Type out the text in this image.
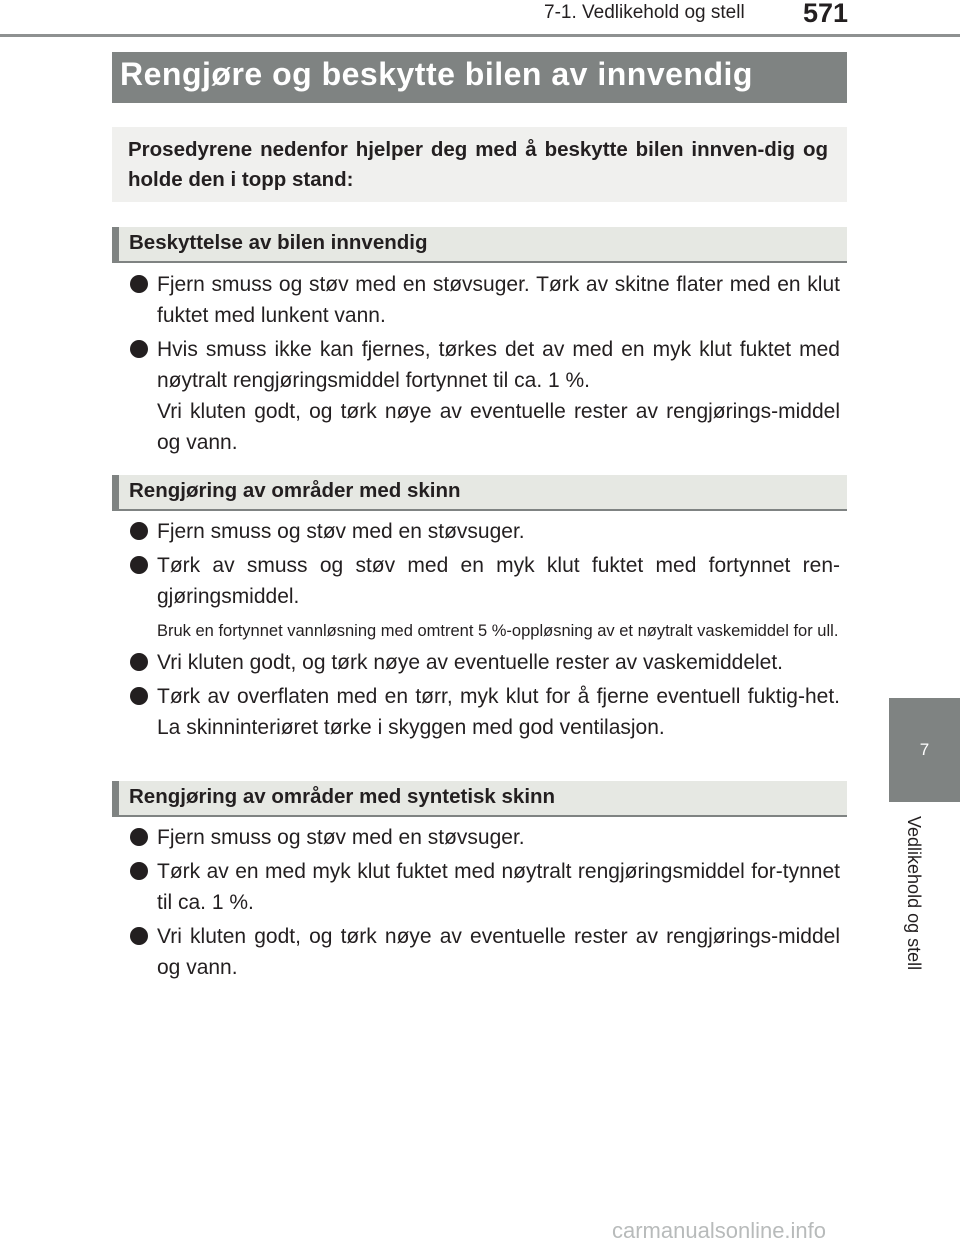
7-1. Vedlikehold og stell 571
Rengjøre og beskytte bilen av innvendig

Prosedyrene nedenfor hjelper deg med å beskytte bilen innven-dig og holde den i topp stand:

Beskyttelse av bilen innvendig

Fjern smuss og støv med en støvsuger. Tørk av skitne flater med en klut fuktet med lunkent vann.

Hvis smuss ikke kan fjernes, tørkes det av med en myk klut fuktet med nøytralt rengjøringsmiddel fortynnet til ca. 1 %.

Vri kluten godt, og tørk nøye av eventuelle rester av rengjørings-middel og vann.

Rengjøring av områder med skinn

Fjern smuss og støv med en støvsuger.

Tørk av smuss og støv med en myk klut fuktet med fortynnet ren-gjøringsmiddel.

Bruk en fortynnet vannløsning med omtrent 5 %-oppløsning av et nøytralt vaskemiddel for ull.

Vri kluten godt, og tørk nøye av eventuelle rester av vaskemiddelet.

Tørk av overflaten med en tørr, myk klut for å fjerne eventuell fuktig-het. La skinninteriøret tørke i skyggen med god ventilasjon.

Rengjøring av områder med syntetisk skinn

Fjern smuss og støv med en støvsuger.

Tørk av en med myk klut fuktet med nøytralt rengjøringsmiddel for-tynnet til ca. 1 %.

Vri kluten godt, og tørk nøye av eventuelle rester av rengjørings-middel og vann.

7
Vedlikehold og stell
carmanualsonline.info
